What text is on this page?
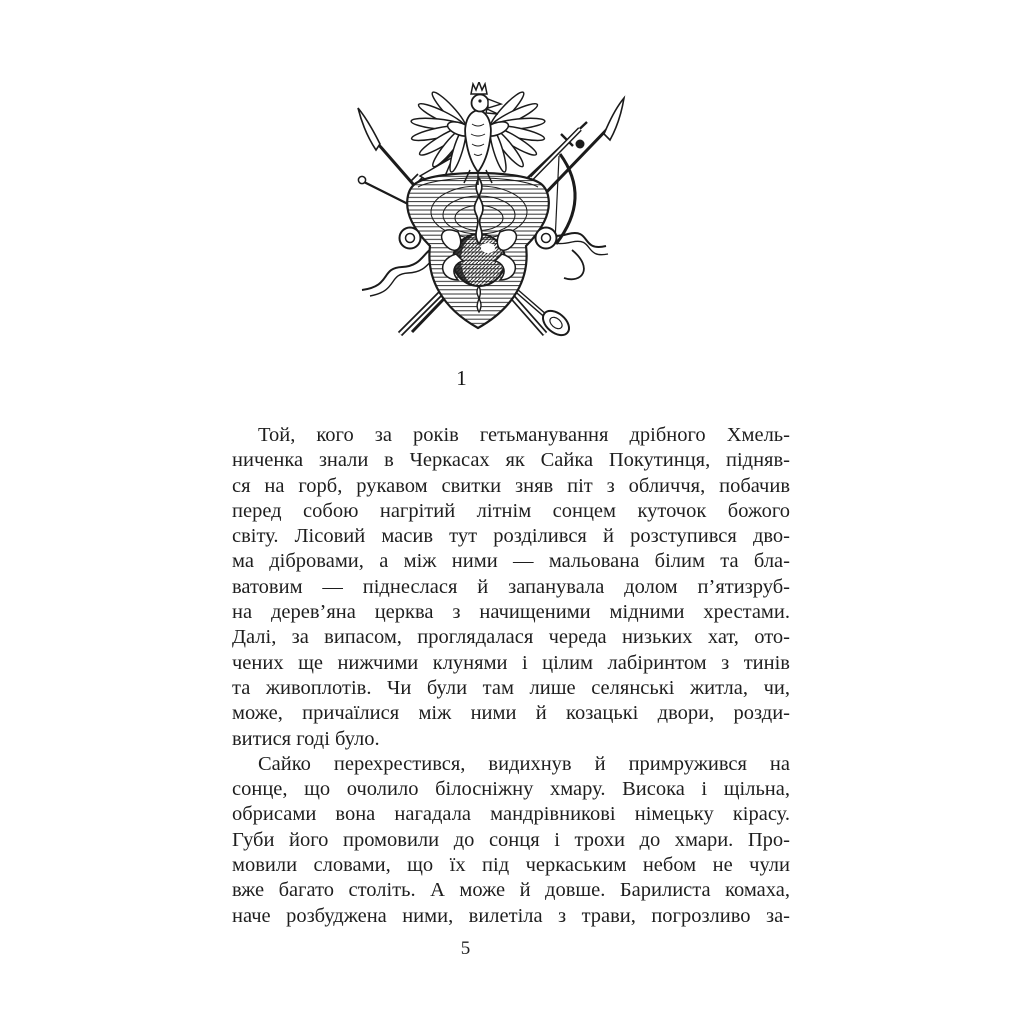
1
Той, кого за років гетьманування дрібного Хмель-
ниченка знали в Черкасах як Сайка Покутинця, підняв-
ся на горб, рукавом свитки зняв піт з обличчя, побачив
перед собою нагрітий літнім сонцем куточок божого
світу. Лісовий масив тут розділився й розступився дво-
ма дібровами, а між ними — мальована білим та бла-
ватовим — піднеслася й запанувала долом п’ятизруб-
на дерев’яна церква з начищеними мідними хрестами.
Далі, за випасом, проглядалася череда низьких хат, ото-
чених ще нижчими клунями і цілим лабіринтом з тинів
та живоплотів. Чи були там лише селянські житла, чи,
може, причаїлися між ними й козацькі двори, розди-
витися годі було.
Сайко перехрестився, видихнув й примружився на
сонце, що очолило білосніжну хмару. Висока і щільна,
обрисами вона нагадала мандрівникові німецьку кірасу.
Губи його промовили до сонця і трохи до хмари. Про-
мовили словами, що їх під черкаським небом не чули
вже багато століть. А може й довше. Барилиста комаха,
наче розбуджена ними, вилетіла з трави, погрозливо за-
5
